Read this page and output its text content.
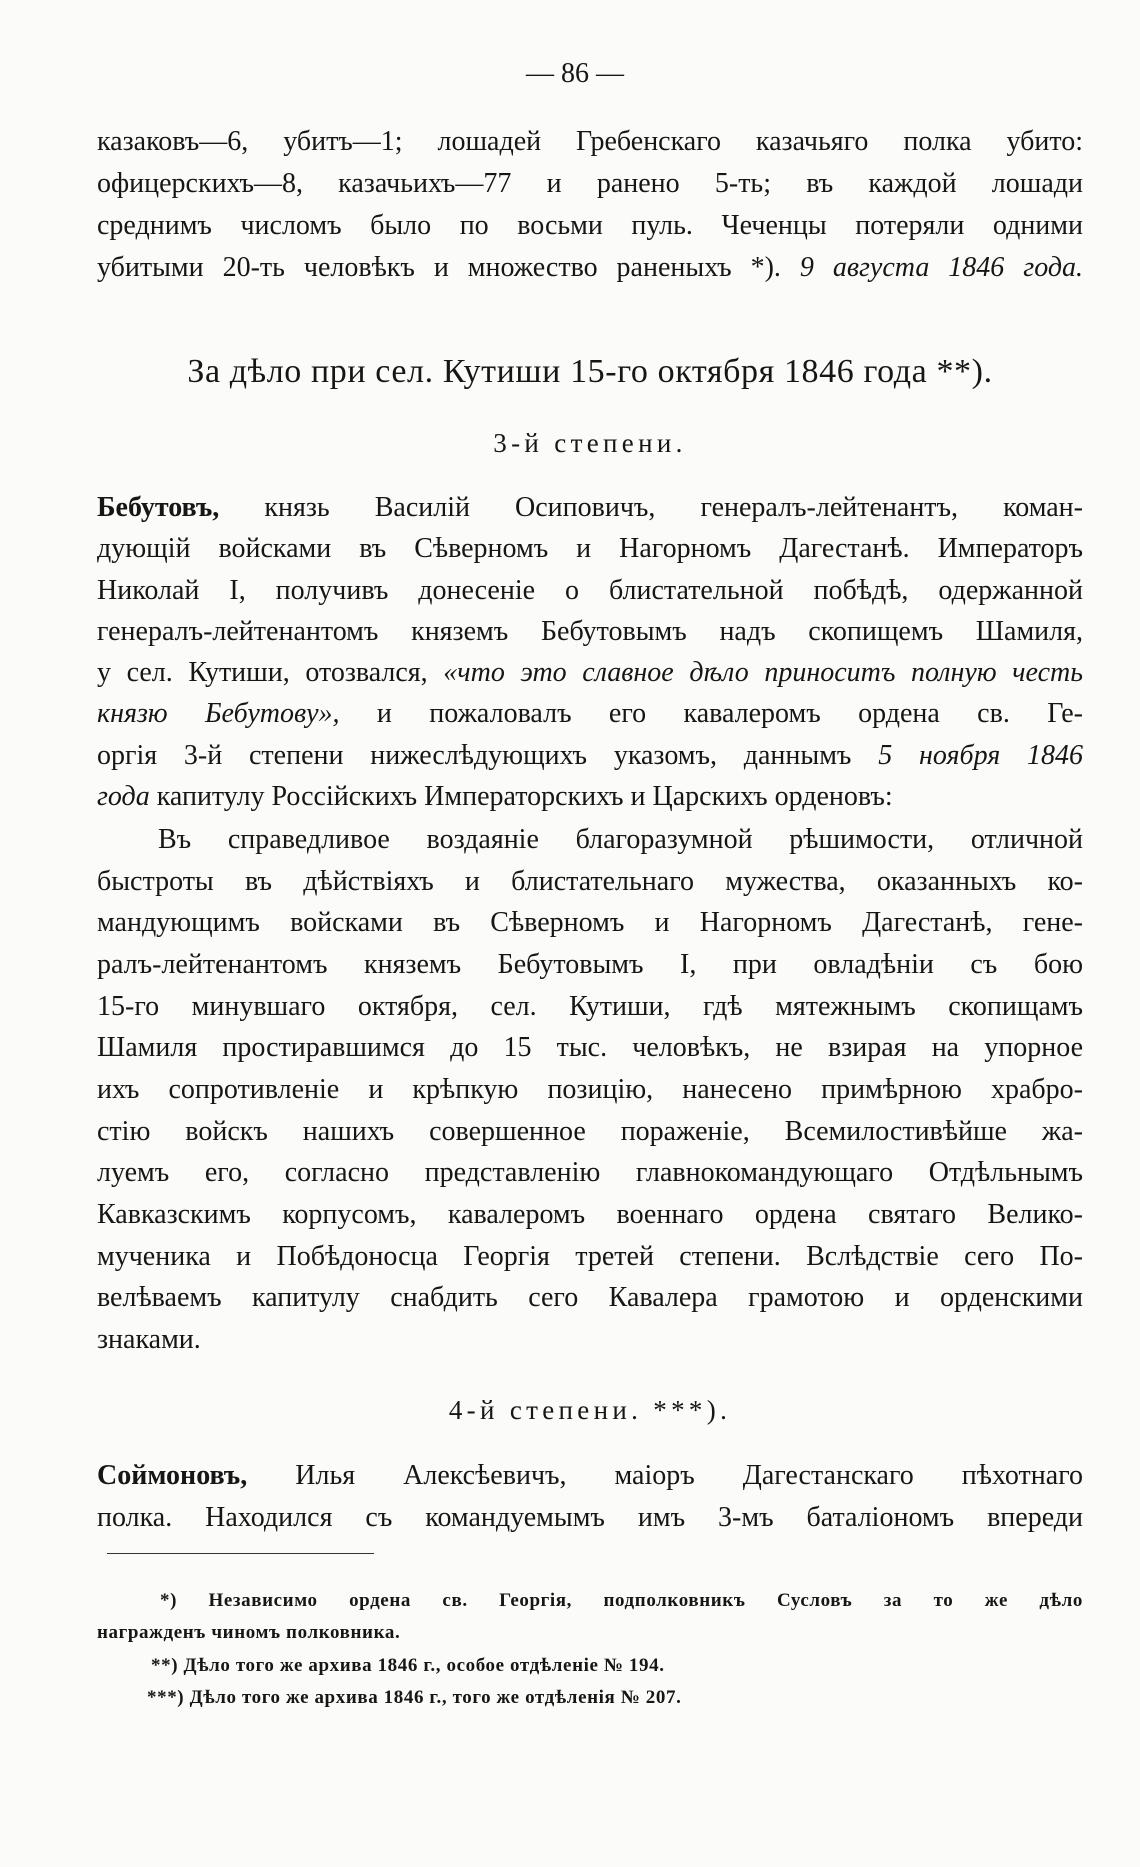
— 86 —
казаковъ—6, убитъ—1; лошадей Гребенскаго казачьяго полка убито:
офицерскихъ—8, казачьихъ—77 и ранено 5-ть; въ каждой лошади
среднимъ числомъ было по восьми пуль. Чеченцы потеряли одними
убитыми 20-ть человѣкъ и множество раненыхъ *). 9 августа 1846 года.
За дѣло при сел. Кутиши 15-го октября 1846 года **).
3-й степени.
Бебутовъ, князь Василій Осиповичъ, генералъ-лейтенантъ, коман-
дующій войсками въ Сѣверномъ и Нагорномъ Дагестанѣ. Императоръ
Николай I, получивъ донесеніе о блистательной побѣдѣ, одержанной
генералъ-лейтенантомъ княземъ Бебутовымъ надъ скопищемъ Шамиля,
у сел. Кутиши, отозвался, «что это славное дѣло приноситъ полную честь
князю Бебутову», и пожаловалъ его кавалеромъ ордена св. Ге-
оргія 3-й степени нижеслѣдующихъ указомъ, даннымъ 5 ноября 1846
года капитулу Россійскихъ Императорскихъ и Царскихъ орденовъ:
Въ справедливое воздаяніе благоразумной рѣшимости, отличной
быстроты въ дѣйствіяхъ и блистательнаго мужества, оказанныхъ ко-
мандующимъ войсками въ Сѣверномъ и Нагорномъ Дагестанѣ, гене-
ралъ-лейтенантомъ княземъ Бебутовымъ I, при овладѣніи съ бою
15-го минувшаго октября, сел. Кутиши, гдѣ мятежнымъ скопищамъ
Шамиля простиравшимся до 15 тыс. человѣкъ, не взирая на упорное
ихъ сопротивленіе и крѣпкую позицію, нанесено примѣрною храбро-
стію войскъ нашихъ совершенное пораженіе, Всемилостивѣйше жа-
луемъ его, согласно представленію главнокомандующаго Отдѣльнымъ
Кавказскимъ корпусомъ, кавалеромъ военнаго ордена святаго Велико-
мученика и Побѣдоносца Георгія третей степени. Вслѣдствіе сего По-
велѣваемъ капитулу снабдить сего Кавалера грамотою и орденскими
знаками.
4-й степени. ***).
Соймоновъ, Илья Алексѣевичъ, маіоръ Дагестанскаго пѣхотнаго
полка. Находился съ командуемымъ имъ 3-мъ баталіономъ впереди
*) Независимо ордена св. Георгія, подполковникъ Сусловъ за то же дѣло
награжденъ чиномъ полковника.
**) Дѣло того же архива 1846 г., особое отдѣленіе № 194.
***) Дѣло того же архива 1846 г., того же отдѣленія № 207.
